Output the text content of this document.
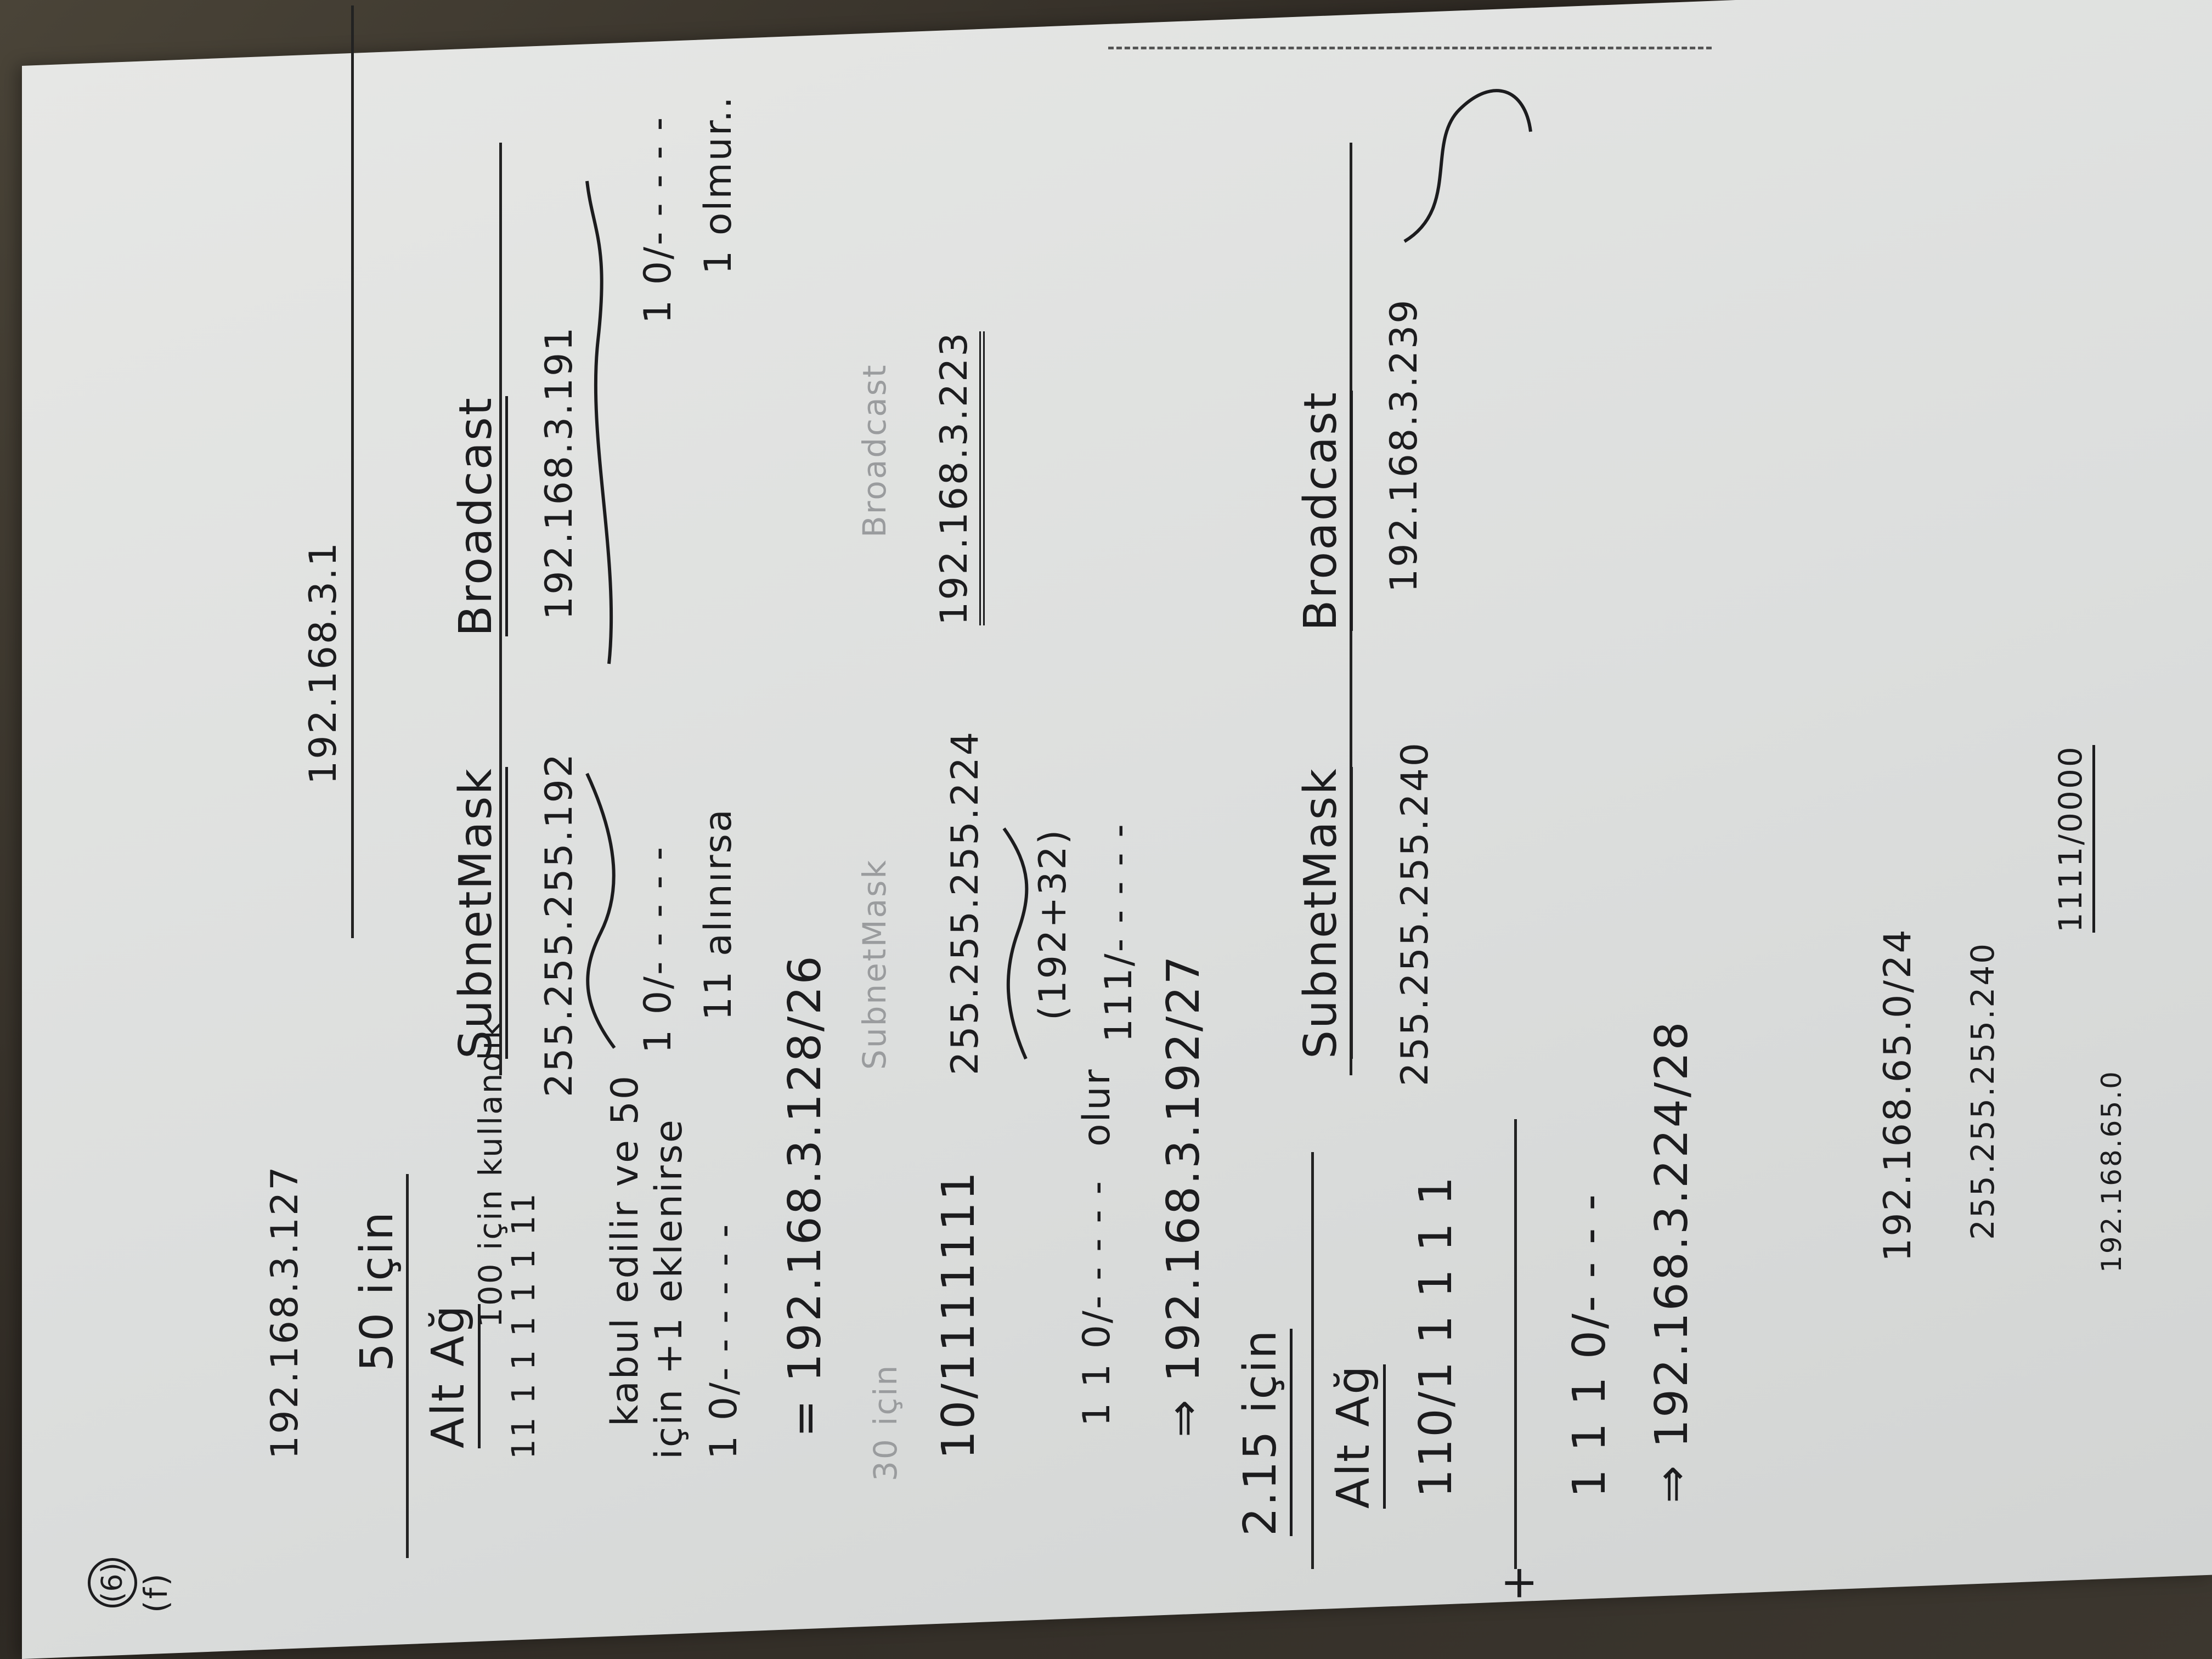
(6) (f)
192.168.3.127
192.168.3.1
50 için
Alt Ağ
100 için kullandık
11 1 1 1 1 1 11 kabul edilir ve 50 için +1 eklenirse 1 0/- - - - - - = 192.168.3.128/26
SubnetMask 255.255.255.192 1 0/- - - - - 11 alınırsa
Broadcast 192.168.3.191
1 0/- - - - - 1 olmur..
SubnetMask
Broadcast
30 için 10/1111111
255.255.255.224 (192+32) 111/- - - - -
olur
1 1 0/- - - - - ⇒ 192.168.3.192/27
192.168.3.223
2.15 için Alt Ağ 110/1 1 1 1 1
+
1 1 1 0/- - - - ⇒ 192.168.3.224/28
SubnetMask 255.255.255.240
Broadcast 192.168.3.239
192.168.65.0/24 255.255.255.240	192.168.65.0
1111/0000
